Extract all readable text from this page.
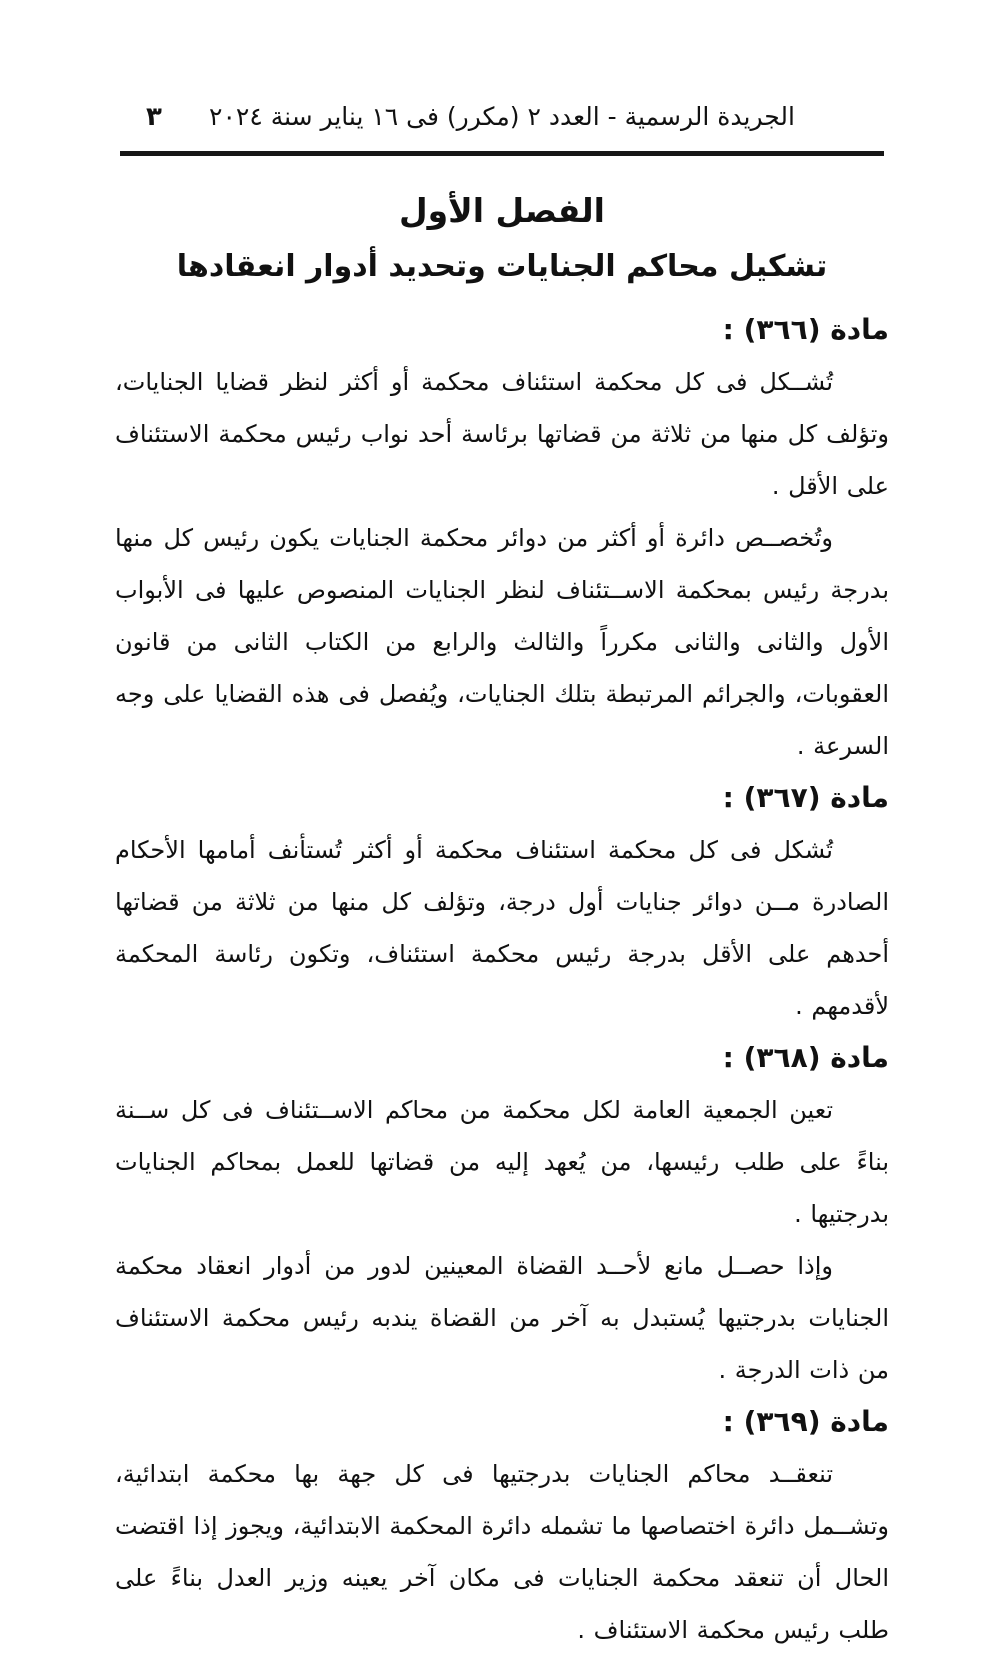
الجريدة الرسمية - العدد ٢ (مكرر) فى ١٦ يناير سنة ٢٠٢٤
٣
الفصل الأول
تشكيل محاكم الجنايات وتحديد أدوار انعقادها
مادة (٣٦٦) :

تُشــكل فى كل محكمة استئناف محكمة أو أكثر لنظر قضايا الجنايات، وتؤلف كل منها من ثلاثة من قضاتها برئاسة أحد نواب رئيس محكمة الاستئناف على الأقل .

وتُخصــص دائرة أو أكثر من دوائر محكمة الجنايات يكون رئيس كل منها بدرجة رئيس بمحكمة الاســتئناف لنظر الجنايات المنصوص عليها فى الأبواب الأول والثانى والثانى مكرراً والثالث والرابع من الكتاب الثانى من قانون العقوبات، والجرائم المرتبطة بتلك الجنايات، ويُفصل فى هذه القضايا على وجه السرعة .

مادة (٣٦٧) :

تُشكل فى كل محكمة استئناف محكمة أو أكثر تُستأنف أمامها الأحكام الصادرة مــن دوائر جنايات أول درجة، وتؤلف كل منها من ثلاثة من قضاتها أحدهم على الأقل بدرجة رئيس محكمة استئناف، وتكون رئاسة المحكمة لأقدمهم .

مادة (٣٦٨) :

تعين الجمعية العامة لكل محكمة من محاكم الاســتئناف فى كل ســنة بناءً على طلب رئيسها، من يُعهد إليه من قضاتها للعمل بمحاكم الجنايات بدرجتيها .

وإذا حصــل مانع لأحــد القضاة المعينين لدور من أدوار انعقاد محكمة الجنايات بدرجتيها يُستبدل به آخر من القضاة يندبه رئيس محكمة الاستئناف من ذات الدرجة .

مادة (٣٦٩) :

تنعقــد محاكم الجنايات بدرجتيها فى كل جهة بها محكمة ابتدائية، وتشــمل دائرة اختصاصها ما تشمله دائرة المحكمة الابتدائية، ويجوز إذا اقتضت الحال أن تنعقد محكمة الجنايات فى مكان آخر يعينه وزير العدل بناءً على طلب رئيس محكمة الاستئناف .
